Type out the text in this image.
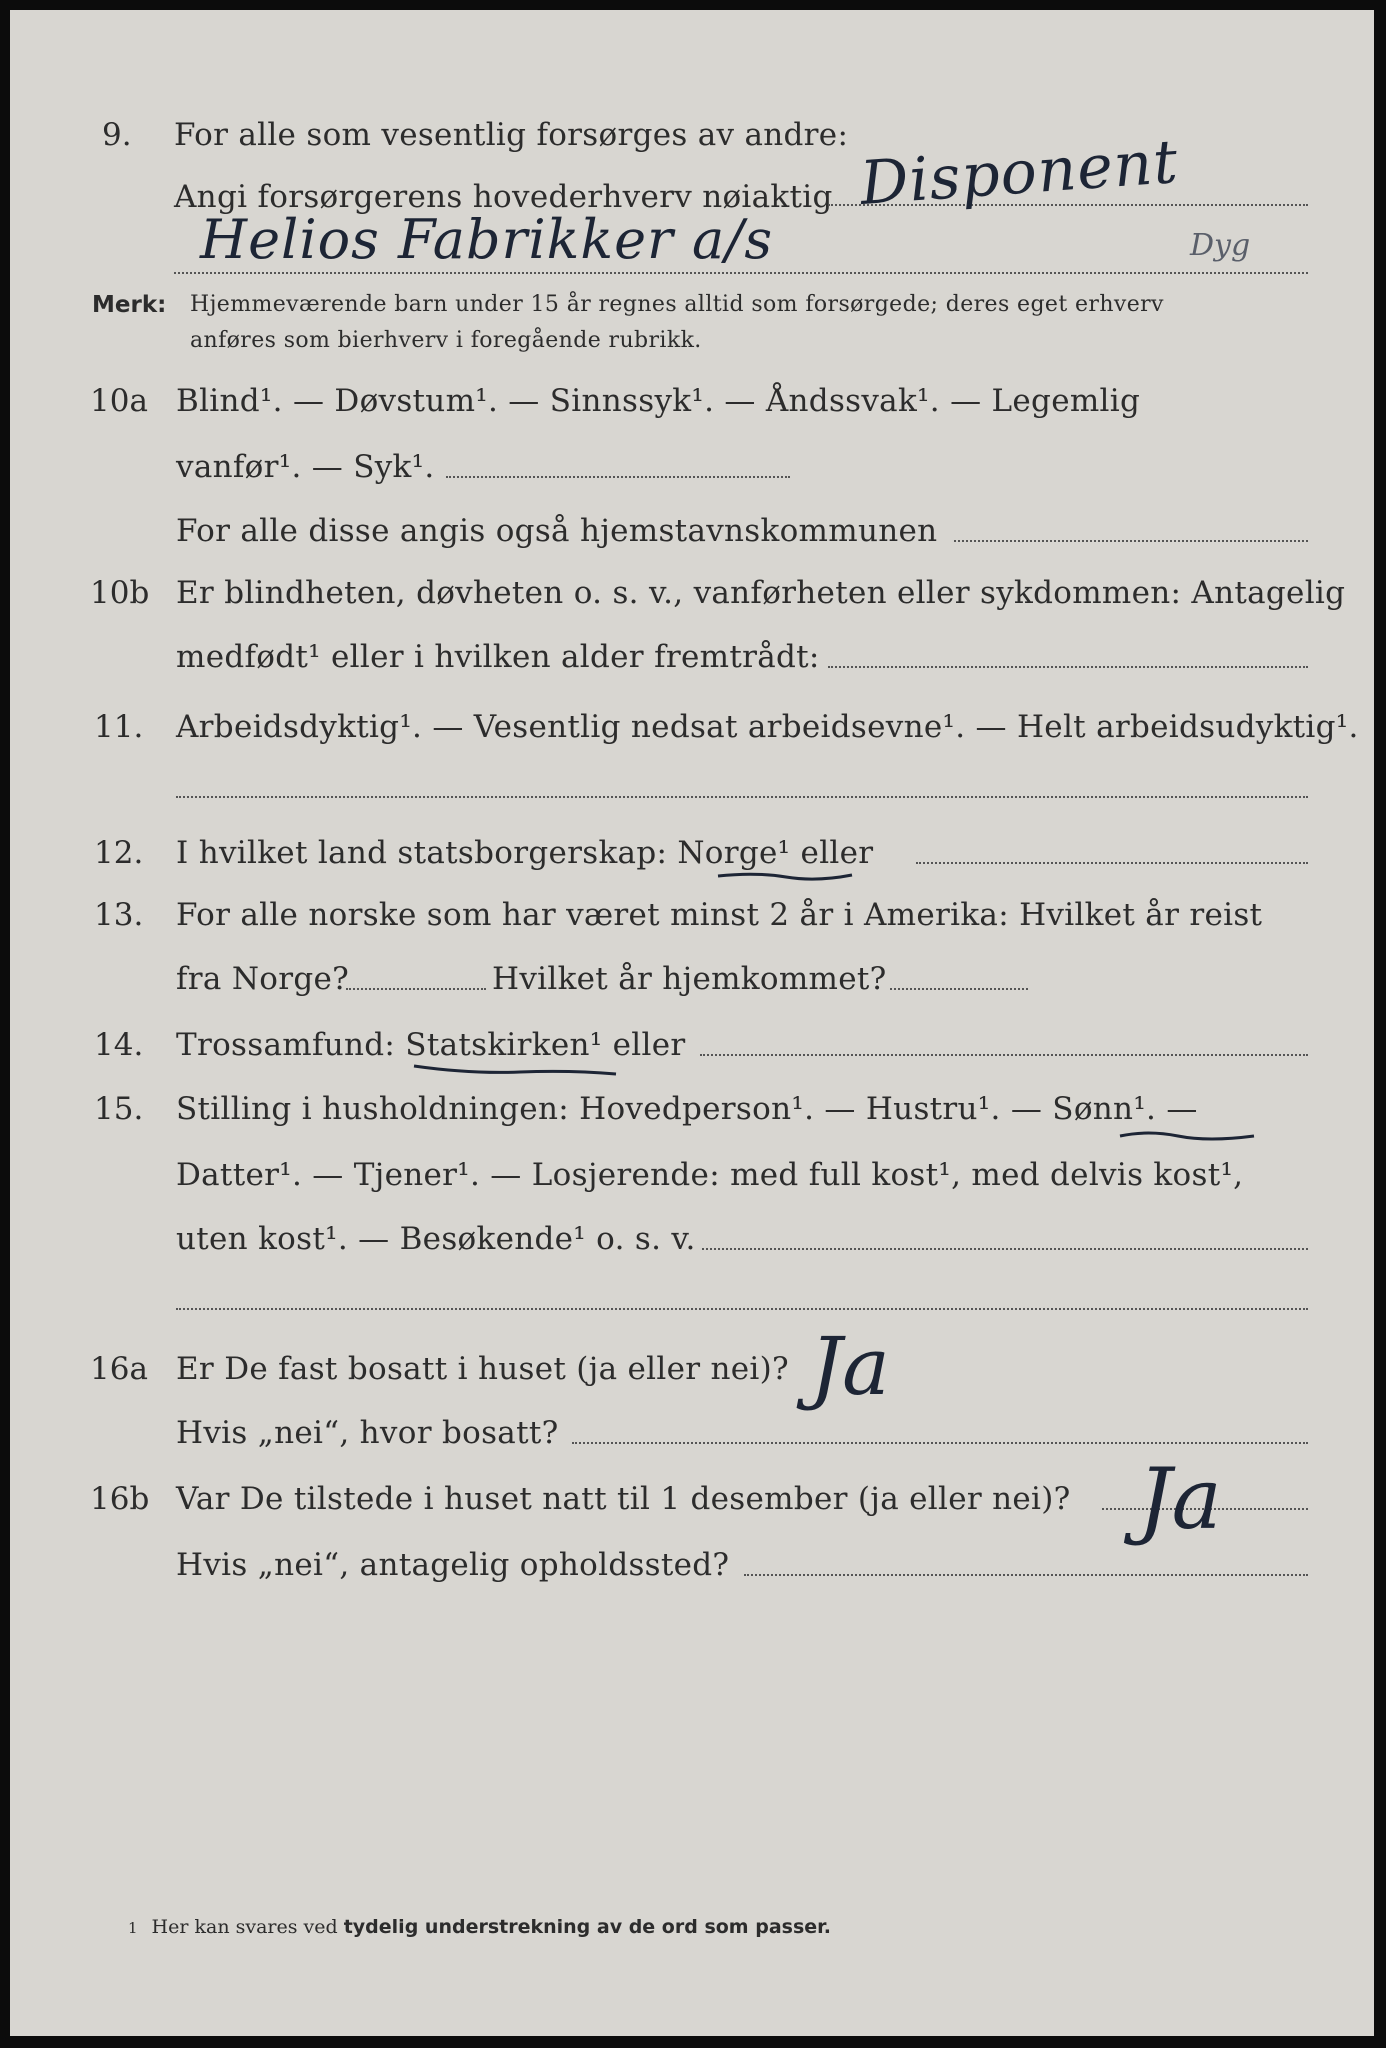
9. For alle som vesentlig forsørges av andre:
Angi forsørgerens hovederhverv nøiaktig Disponent
Helios Fabrikker a/s	Dyg
Merk: Hjemmeværende barn under 15 år regnes alltid som forsørgede; deres eget erhverv
anføres som bierhverv i foregående rubrikk.
10a Blind¹. — Døvstum¹. — Sinnssyk¹. — Åndssvak¹. — Legemlig
vanfør¹. — Syk¹.
For alle disse angis også hjemstavnskommunen
10b Er blindheten, døvheten o. s. v., vanførheten eller sykdommen: Antagelig
medfødt¹ eller i hvilken alder fremtrådt:
11. Arbeidsdyktig¹. — Vesentlig nedsat arbeidsevne¹. — Helt arbeidsudyktig¹.
12. I hvilket land statsborgerskap: Norge¹ eller
13. For alle norske som har været minst 2 år i Amerika: Hvilket år reist
fra Norge?	Hvilket år hjemkommet?
14. Trossamfund: Statskirken¹ eller
15. Stilling i husholdningen: Hovedperson¹. — Hustru¹. — Sønn¹. —
Datter¹. — Tjener¹. — Losjerende: med full kost¹, med delvis kost¹,
uten kost¹. — Besøkende¹ o. s. v.
16a Er De fast bosatt i huset (ja eller nei)? Ja
Hvis „nei“, hvor bosatt?
16b Var De tilstede i huset natt til 1 desember (ja eller nei)? Ja
Hvis „nei“, antagelig opholdssted?
1 Her kan svares ved tydelig understrekning av de ord som passer.
